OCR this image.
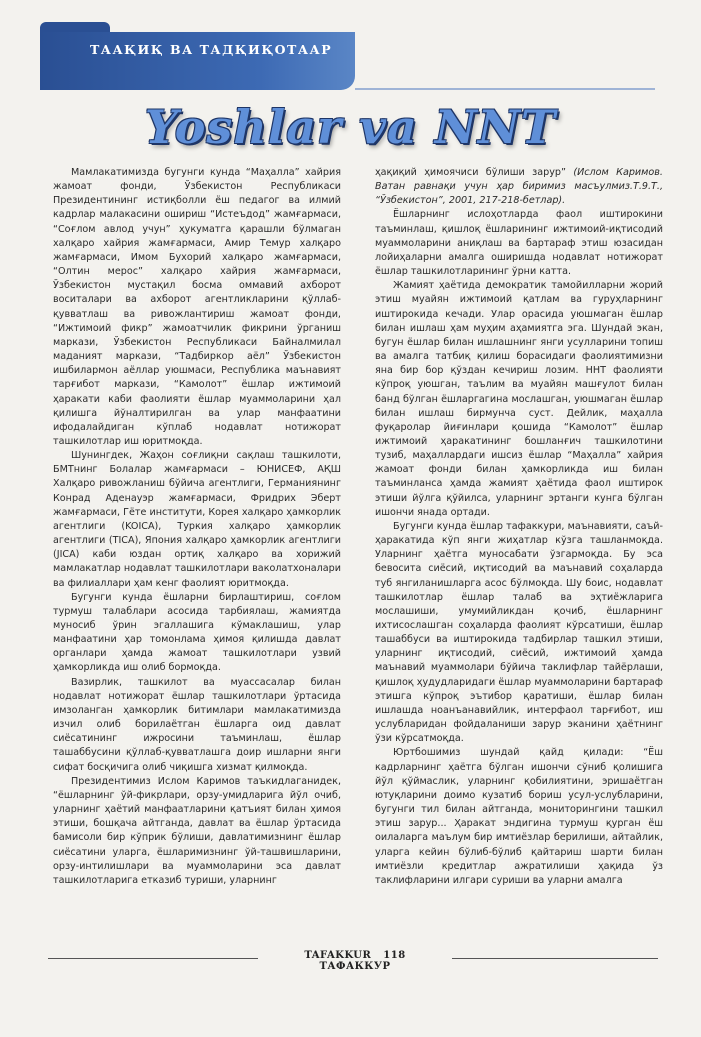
ТААҚИҚ ВА ТАДҚИҚОТААР
Yoshlar va NNT

Мамлакатимизда бугунги кунда “Маҳалла” хайрия жамоат фонди, Ўзбекистон Республикаси Президентининг истиқболли ёш педагог ва илмий кадрлар малакасини ошириш “Истеъдод” жамғармаси, “Соғлом авлод учун” ҳукуматга қарашли бўлмаган халқаро хайрия жамғармаси, Амир Темур халқаро жамғармаси, Имом Бухорий халқаро жамғармаси, “Олтин мерос” халқаро хайрия жамғармаси, Ўзбекистон мустақил босма оммавий ахборот воситалари ва ахборот агентликларини қўллаб-қувватлаш ва ривожлантириш жамоат фонди, “Ижтимоий фикр” жамоатчилик фикрини ўрганиш маркази, Ўзбекистон Республикаси Байналмилал маданият маркази, “Тадбиркор аёл” Ўзбекистон ишбилармон аёллар уюшмаси, Республика маънавият тарғибот маркази, “Камолот” ёшлар ижтимоий ҳаракати каби фаолияти ёшлар муаммоларини ҳал қилишга йўналтирилган ва улар манфаатини ифодалайдиган кўплаб нодавлат нотижорат ташкилотлар иш юритмоқда.

Шунингдек, Жаҳон соғлиқни сақлаш ташкилоти, БМТнинг Болалар жамғармаси – ЮНИСЕФ, АҚШ Халқаро ривожланиш бўйича агентлиги, Германиянинг Конрад Аденауэр жамғармаси, Фридрих Эберт жамғармаси, Гёте институти, Корея халқаро ҳамкорлик агентлиги (KOICA), Туркия халқаро ҳамкорлик агентлиги (TICA), Япония халқаро ҳамкорлик агентлиги (JICA) каби юздан ортиқ халқаро ва хорижий мамлакатлар нодавлат ташкилотлари ваколатхоналари ва филиаллари ҳам кенг фаолият юритмоқда.

Бугунги кунда ёшларни бирлаштириш, соғлом турмуш талаблари асосида тарбиялаш, жамиятда муносиб ўрин эгаллашига кўмаклашиш, улар манфаатини ҳар томонлама ҳимоя қилишда давлат органлари ҳамда жамоат ташкилотлари узвий ҳамкорликда иш олиб бормоқда.

Вазирлик, ташкилот ва муассасалар билан нодавлат нотижорат ёшлар ташкилотлари ўртасида имзоланган ҳамкорлик битимлари мамлакатимизда изчил олиб борилаётган ёшларга оид давлат сиёсатининг ижросини таъминлаш, ёшлар ташаббусини қўллаб-қувватлашга доир ишларни янги сифат босқичига олиб чиқишга хизмат қилмоқда.

Президентимиз Ислом Каримов таъкидлаганидек, “ёшларнинг ўй-фикрлари, орзу-умидларига йўл очиб, уларнинг ҳаётий манфаатларини қатъият билан ҳимоя этиши, бошқача айтганда, давлат ва ёшлар ўртасида бамисоли бир кўприк бўлиши, давлатимизнинг ёшлар сиёсатини уларга, ёшларимизнинг ўй-ташвишларини, орзу-интилишлари ва муаммоларини эса давлат ташкилотларига етказиб туриши, уларнинг

ҳақиқий ҳимоячиси бўлиши зарур” (Ислом Каримов. Ватан равнақи учун ҳар биримиз масъулмиз.Т.9.Т., “Ўзбекистон”, 2001, 217-218-бетлар).

Ёшларнинг ислоҳотларда фаол иштирокини таъминлаш, қишлоқ ёшларининг ижтимоий-иқтисодий муаммоларини аниқлаш ва бартараф этиш юзасидан лойиҳаларни амалга оширишда нодавлат нотижорат ёшлар ташкилотларининг ўрни катта.

Жамият ҳаётида демократик тамойилларни жорий этиш муайян ижтимоий қатлам ва гуруҳларнинг иштирокида кечади. Улар орасида уюшмаган ёшлар билан ишлаш ҳам муҳим аҳамиятга эга. Шундай экан, бугун ёшлар билан ишлашнинг янги усулларини топиш ва амалга татбиқ қилиш борасидаги фаолиятимизни яна бир бор қўздан кечириш лозим. ННТ фаолияти кўпроқ уюшган, таълим ва муайян машғулот билан банд бўлган ёшларгагина мослашган, уюшмаган ёшлар билан ишлаш бирмунча суст. Дейлик, маҳалла фуқаролар йиғинлари қошида “Камолот” ёшлар ижтимоий ҳаракатининг бошланғич ташкилотини тузиб, маҳаллардаги ишсиз ёшлар “Маҳалла” хайрия жамоат фонди билан ҳамкорликда иш билан таъминланса ҳамда жамият ҳаётида фаол иштирок этиши йўлга қўйилса, уларнинг эртанги кунга бўлган ишончи янада ортади.

Бугунги кунда ёшлар тафаккури, маънавияти, саъй-ҳаракатида кўп янги жиҳатлар кўзга ташланмоқда. Уларнинг ҳаётга муносабати ўзгармоқда. Бу эса бевосита сиёсий, иқтисодий ва маънавий соҳаларда туб янгиланишларга асос бўлмоқда. Шу боис, нодавлат ташкилотлар ёшлар талаб ва эҳтиёжларига мослашиши, умумийликдан қочиб, ёшларнинг ихтисослашган соҳаларда фаолият кўрсатиши, ёшлар ташаббуси ва иштирокида тадбирлар ташкил этиши, уларнинг иқтисодий, сиёсий, ижтимоий ҳамда маънавий муаммолари бўйича таклифлар тайёрлаши, қишлоқ ҳудудларидаги ёшлар муаммоларини бартараф этишга кўпроқ эътибор қаратиши, ёшлар билан ишлашда ноанъанавийлик, интерфаол тарғибот, иш услубларидан фойдаланиши зарур эканини ҳаётнинг ўзи кўрсатмоқда.

Юртбошимиз шундай қайд қилади: “Ёш кадрларнинг ҳаётга бўлган ишончи сўниб қолишига йўл қўймаслик, уларнинг қобилиятини, эришаётган ютуқларини доимо кузатиб бориш усул-услубларини, бугунги тил билан айтганда, мониторингини ташкил этиш зарур... Ҳаракат эндигина турмуш қурган ёш оилаларга маълум бир имтиёзлар берилиши, айтайлик, уларга кейин бўлиб-бўлиб қайтариш шарти билан имтиёзли кредитлар ажратилиши ҳақида ўз таклифларини илгари суриши ва уларни амалга

TAFAKKUR 118 ТАФАККУР
